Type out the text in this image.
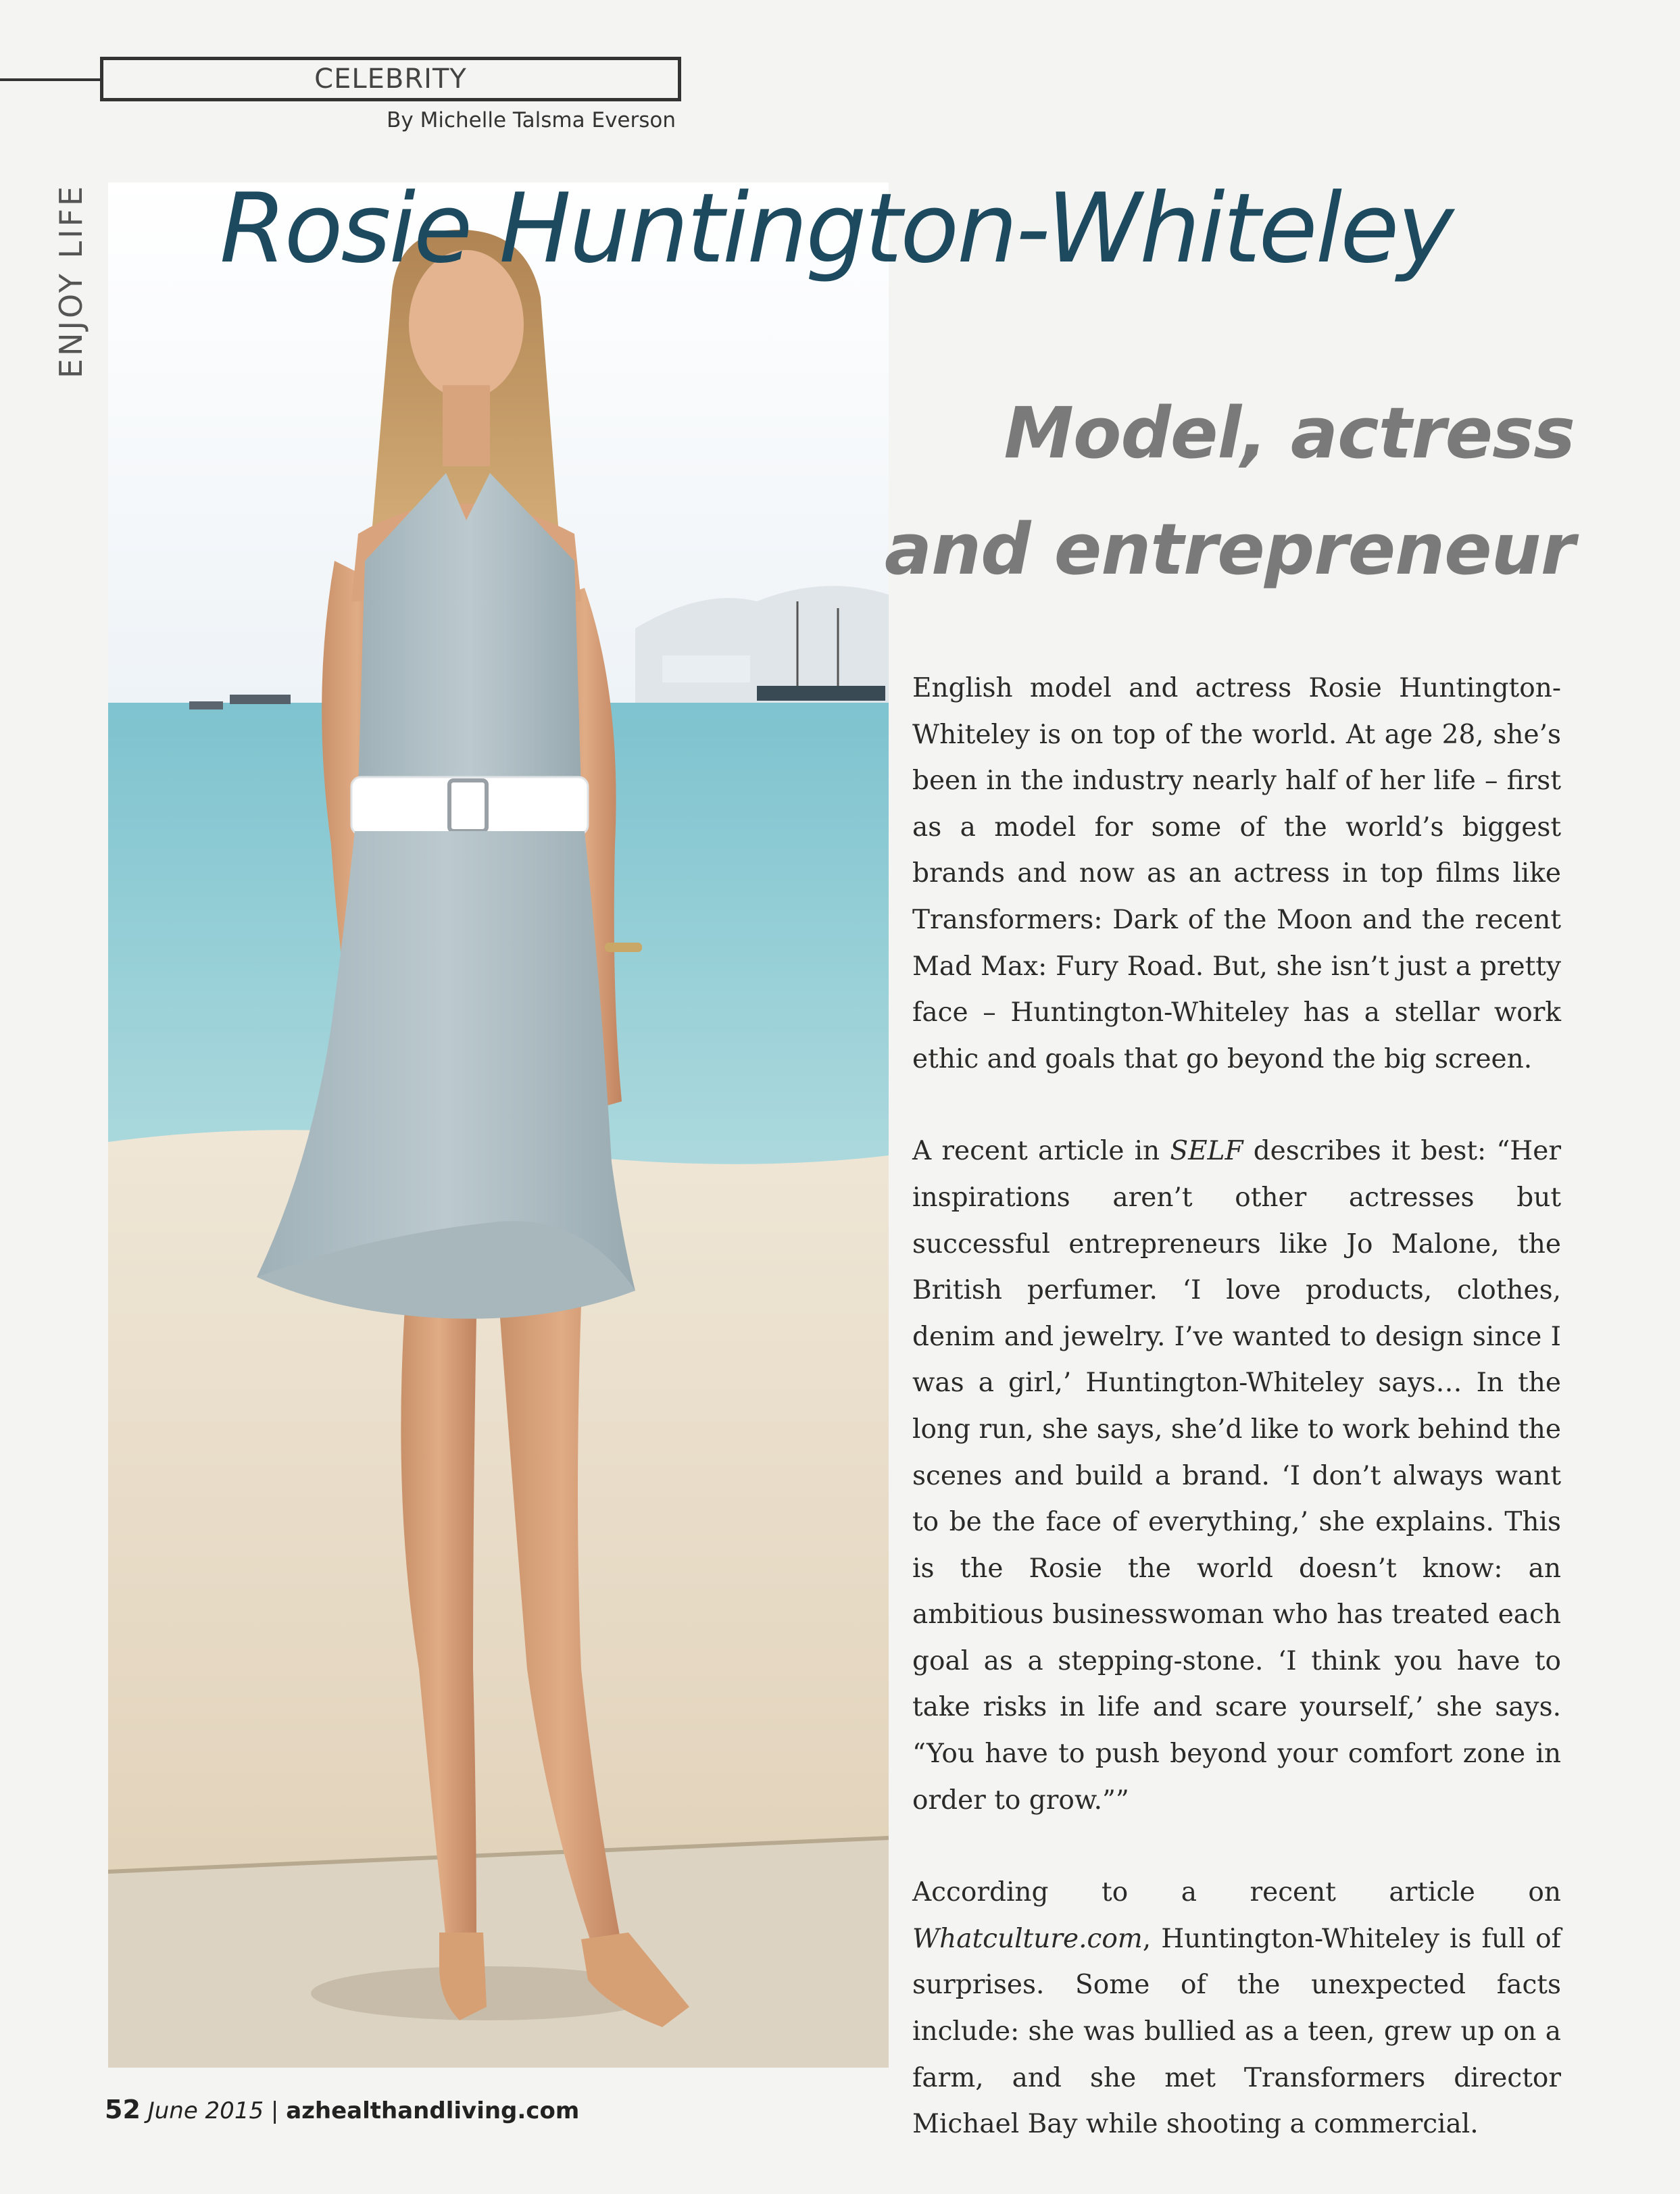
CELEBRITY
By Michelle Talsma Everson
ENJOY LIFE Rosie Huntington-Whiteley
Model, actress
and entrepreneur

English model and actress Rosie Huntington-Whiteley is on top of the world. At age 28, she’s been in the industry nearly half of her life – first as a model for some of the world’s biggest brands and now as an actress in top films like Transformers: Dark of the Moon and the recent Mad Max: Fury Road. But, she isn’t just a pretty face – Huntington-Whiteley has a stellar work ethic and goals that go beyond the big screen.

A recent article in SELF describes it best: “Her inspirations aren’t other actresses but successful entrepreneurs like Jo Malone, the British perfumer. ‘I love products, clothes, denim and jewelry. I’ve wanted to design since I was a girl,’ Huntington-Whiteley says… In the long run, she says, she’d like to work behind the scenes and build a brand. ‘I don’t always want to be the face of everything,’ she explains. This is the Rosie the world doesn’t know: an ambitious businesswoman who has treated each goal as a stepping-stone. ‘I think you have to take risks in life and scare yourself,’ she says. “You have to push beyond your comfort zone in order to grow.””

According to a recent article on Whatculture.com, Huntington-Whiteley is full of surprises. Some of the unexpected facts include: she was bullied as a teen, grew up on a farm, and she met Transformers director Michael Bay while shooting a commercial.

52 June 2015 | azhealthandliving.com
